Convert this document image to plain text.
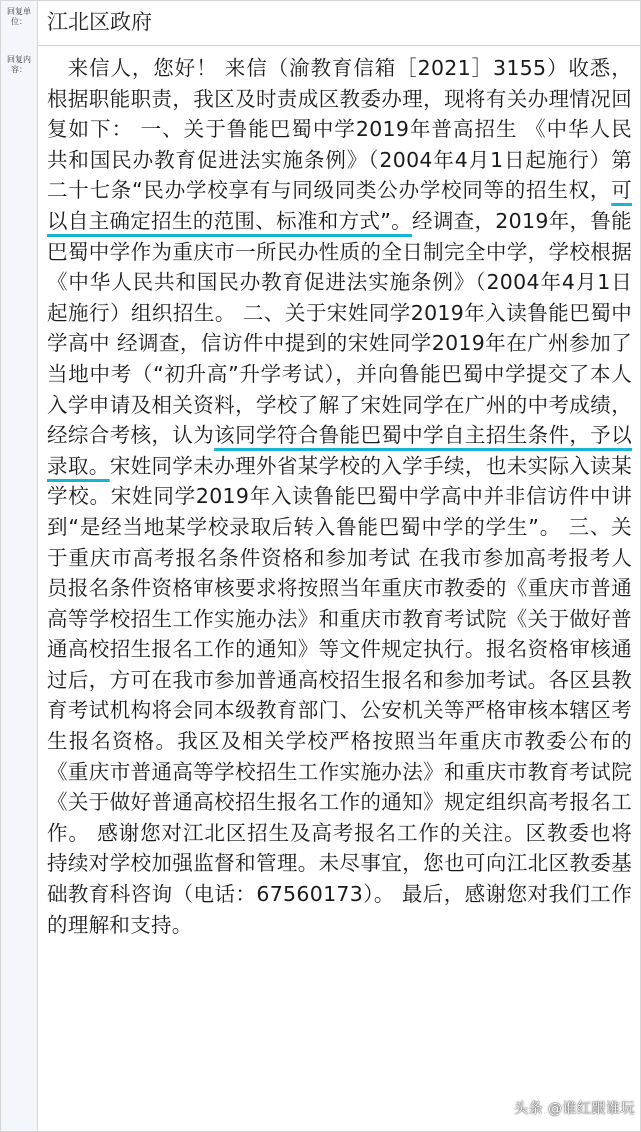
回复单位： 江北区政府
回复内容：	来信人，您好！ 来信（渝教育信箱［2021］3155）收悉，根据职能职责，我区及时责成区教委办理，现将有关办理情况回复如下： 一、关于鲁能巴蜀中学2019年普高招生 《中华人民共和国民办教育促进法实施条例》（2004年4月1日起施行）第二十七条“民办学校享有与同级同类公办学校同等的招生权，可以自主确定招生的范围、标准和方式”。经调查，2019年，鲁能巴蜀中学作为重庆市一所民办性质的全日制完全中学，学校根据《中华人民共和国民办教育促进法实施条例》（2004年4月1日起施行）组织招生。 二、关于宋姓同学2019年入读鲁能巴蜀中学高中 经调查，信访件中提到的宋姓同学2019年在广州参加了当地中考（“初升高”升学考试），并向鲁能巴蜀中学提交了本人入学申请及相关资料，学校了解了宋姓同学在广州的中考成绩，经综合考核，认为该同学符合鲁能巴蜀中学自主招生条件，予以录取。宋姓同学未办理外省某学校的入学手续，也未实际入读某学校。宋姓同学2019年入读鲁能巴蜀中学高中并非信访件中讲到“是经当地某学校录取后转入鲁能巴蜀中学的学生”。 三、关于重庆市高考报名条件资格和参加考试 在我市参加高考报考人员报名条件资格审核要求将按照当年重庆市教委的《重庆市普通高等学校招生工作实施办法》和重庆市教育考试院《关于做好普通高校招生报名工作的通知》等文件规定执行。报名资格审核通过后，方可在我市参加普通高校招生报名和参加考试。各区县教育考试机构将会同本级教育部门、公安机关等严格审核本辖区考生报名资格。我区及相关学校严格按照当年重庆市教委公布的《重庆市普通高等学校招生工作实施办法》和重庆市教育考试院《关于做好普通高校招生报名工作的通知》规定组织高考报名工作。 感谢您对江北区招生及高考报名工作的关注。区教委也将持续对学校加强监督和管理。未尽事宜，您也可向江北区教委基础教育科咨询（电话：67560173）。 最后，感谢您对我们工作的理解和支持。
头条 @谁红跟谁玩
